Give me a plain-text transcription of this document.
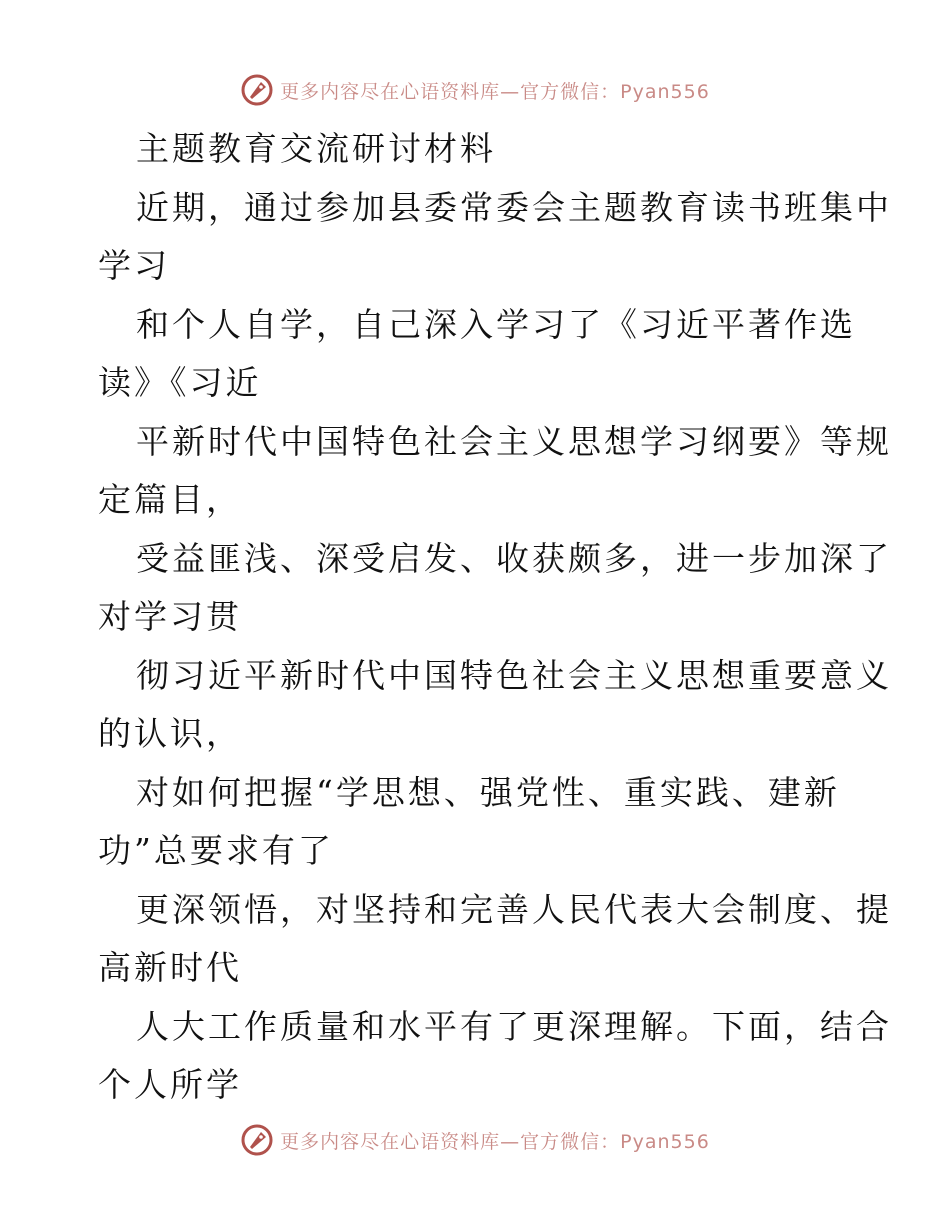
更多内容尽在心语资料库—官方微信：Pyan556
主题教育交流研讨材料
近期，通过参加县委常委会主题教育读书班集中
学习
和个人自学，自己深入学习了《习近平著作选
读》《习近
平新时代中国特色社会主义思想学习纲要》等规
定篇目，
受益匪浅、深受启发、收获颇多，进一步加深了
对学习贯
彻习近平新时代中国特色社会主义思想重要意义
的认识，
对如何把握“学思想、强党性、重实践、建新
功”总要求有了
更深领悟，对坚持和完善人民代表大会制度、提
高新时代
人大工作质量和水平有了更深理解。下面，结合
个人所学
更多内容尽在心语资料库—官方微信：Pyan556
